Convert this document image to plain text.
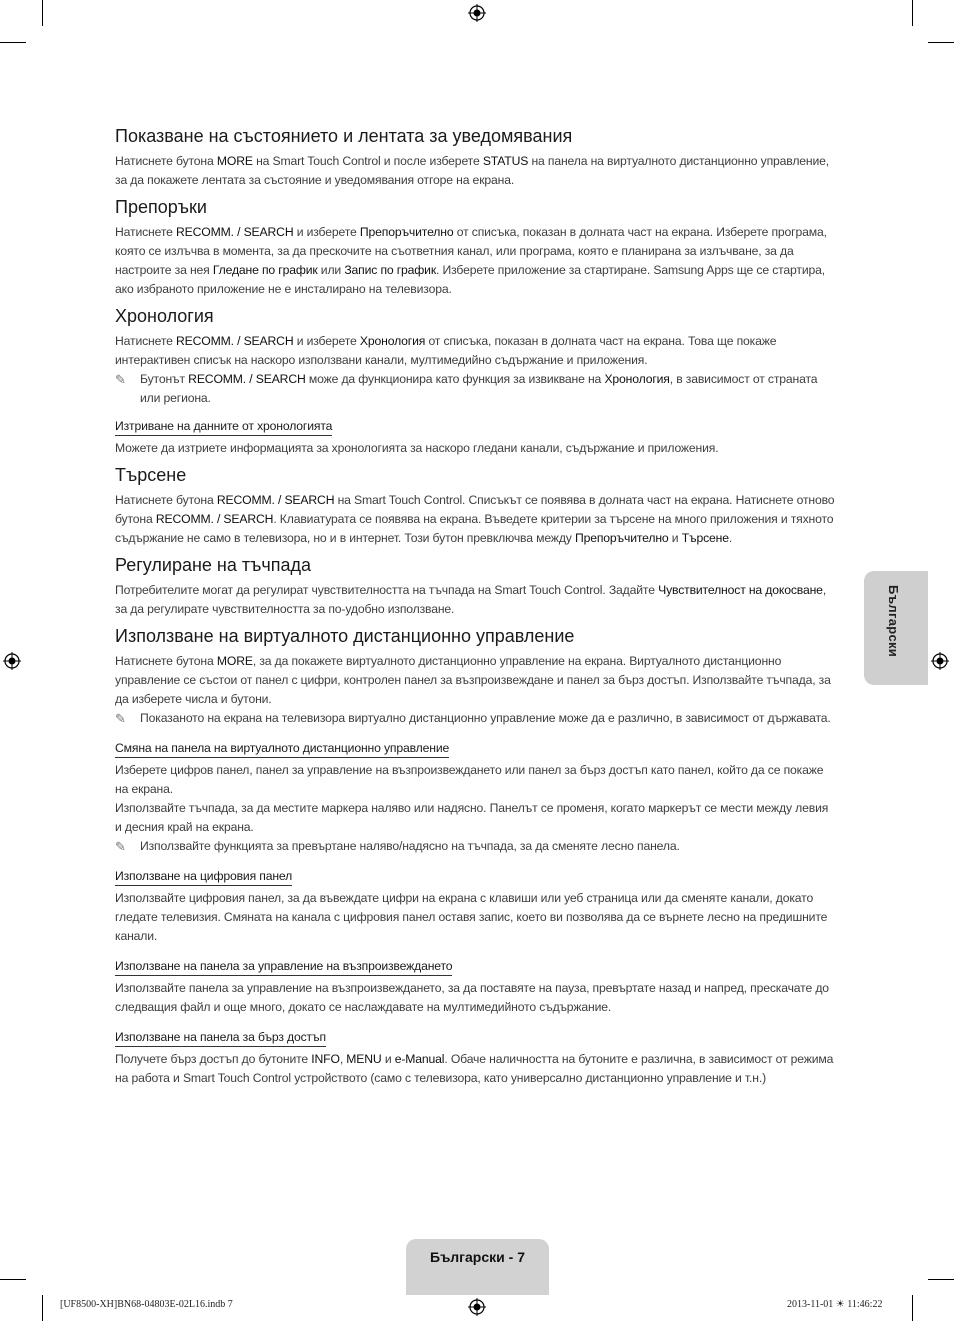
Показване на състоянието и лентата за уведомявания

Натиснете бутона MORE на Smart Touch Control и после изберете STATUS на панела на виртуалното дистанционно управление, за да покажете лентата за състояние и уведомявания отгоре на екрана.

Препоръки

Натиснете RECOMM. / SEARCH и изберете Препоръчително от списъка, показан в долната част на екрана. Изберете програма, която се излъчва в момента, за да прескочите на съответния канал, или програма, която е планирана за излъчване, за да настроите за нея Гледане по график или Запис по график. Изберете приложение за стартиране. Samsung Apps ще се стартира, ако избраното приложение не е инсталирано на телевизора.

Хронология

Натиснете RECOMM. / SEARCH и изберете Хронология от списъка, показан в долната част на екрана. Това ще покаже интерактивен списък на наскоро използвани канали, мултимедийно съдържание и приложения.

✎ Бутонът RECOMM. / SEARCH може да функционира като функция за извикване на Хронология, в зависимост от страната или региона.
Изтриване на данните от хронологията

Можете да изтриете информацията за хронологията за наскоро гледани канали, съдържание и приложения.

Търсене

Натиснете бутона RECOMM. / SEARCH на Smart Touch Control. Списъкът се появява в долната част на екрана. Натиснете отново бутона RECOMM. / SEARCH. Клавиатурата се появява на екрана. Въведете критерии за търсене на много приложения и тяхното съдържание не само в телевизора, но и в интернет. Този бутон превключва между Препоръчително и Търсене.

Регулиране на тъчпада

Потребителите могат да регулират чувствителността на тъчпада на Smart Touch Control. Задайте Чувствителност на докосване, за да регулирате чувствителността за по-удобно използване.

Използване на виртуалното дистанционно управление

Натиснете бутона MORE, за да покажете виртуалното дистанционно управление на екрана. Виртуалното дистанционно управление се състои от панел с цифри, контролен панел за възпроизвеждане и панел за бърз достъп. Използвайте тъчпада, за да изберете числа и бутони.

✎ Показаното на екрана на телевизора виртуално дистанционно управление може да е различно, в зависимост от държавата.
Смяна на панела на виртуалното дистанционно управление

Изберете цифров панел, панел за управление на възпроизвеждането или панел за бърз достъп като панел, който да се покаже на екрана.

Използвайте тъчпада, за да местите маркера наляво или надясно. Панелът се променя, когато маркерът се мести между левия и десния край на екрана.

✎ Използвайте функцията за превъртане наляво/надясно на тъчпада, за да сменяте лесно панела.
Използване на цифровия панел

Използвайте цифровия панел, за да въвеждате цифри на екрана с клавиши или уеб страница или да сменяте канали, докато гледате телевизия. Смяната на канала с цифровия панел оставя запис, което ви позволява да се върнете лесно на предишните канали.

Използване на панела за управление на възпроизвеждането

Използвайте панела за управление на възпроизвеждането, за да поставяте на пауза, превъртате назад и напред, прескачате до следващия файл и още много, докато се наслаждавате на мултимедийното съдържание.

Използване на панела за бърз достъп

Получете бърз достъп до бутоните INFO, MENU и e-Manual. Обаче наличността на бутоните е различна, в зависимост от режима на работа и Smart Touch Control устройството (само с телевизора, като универсално дистанционно управление и т.н.)

Български
Български - 7
[UF8500-XH]BN68-04803E-02L16.indb 7	2013-11-01 ☀ 11:46:22
